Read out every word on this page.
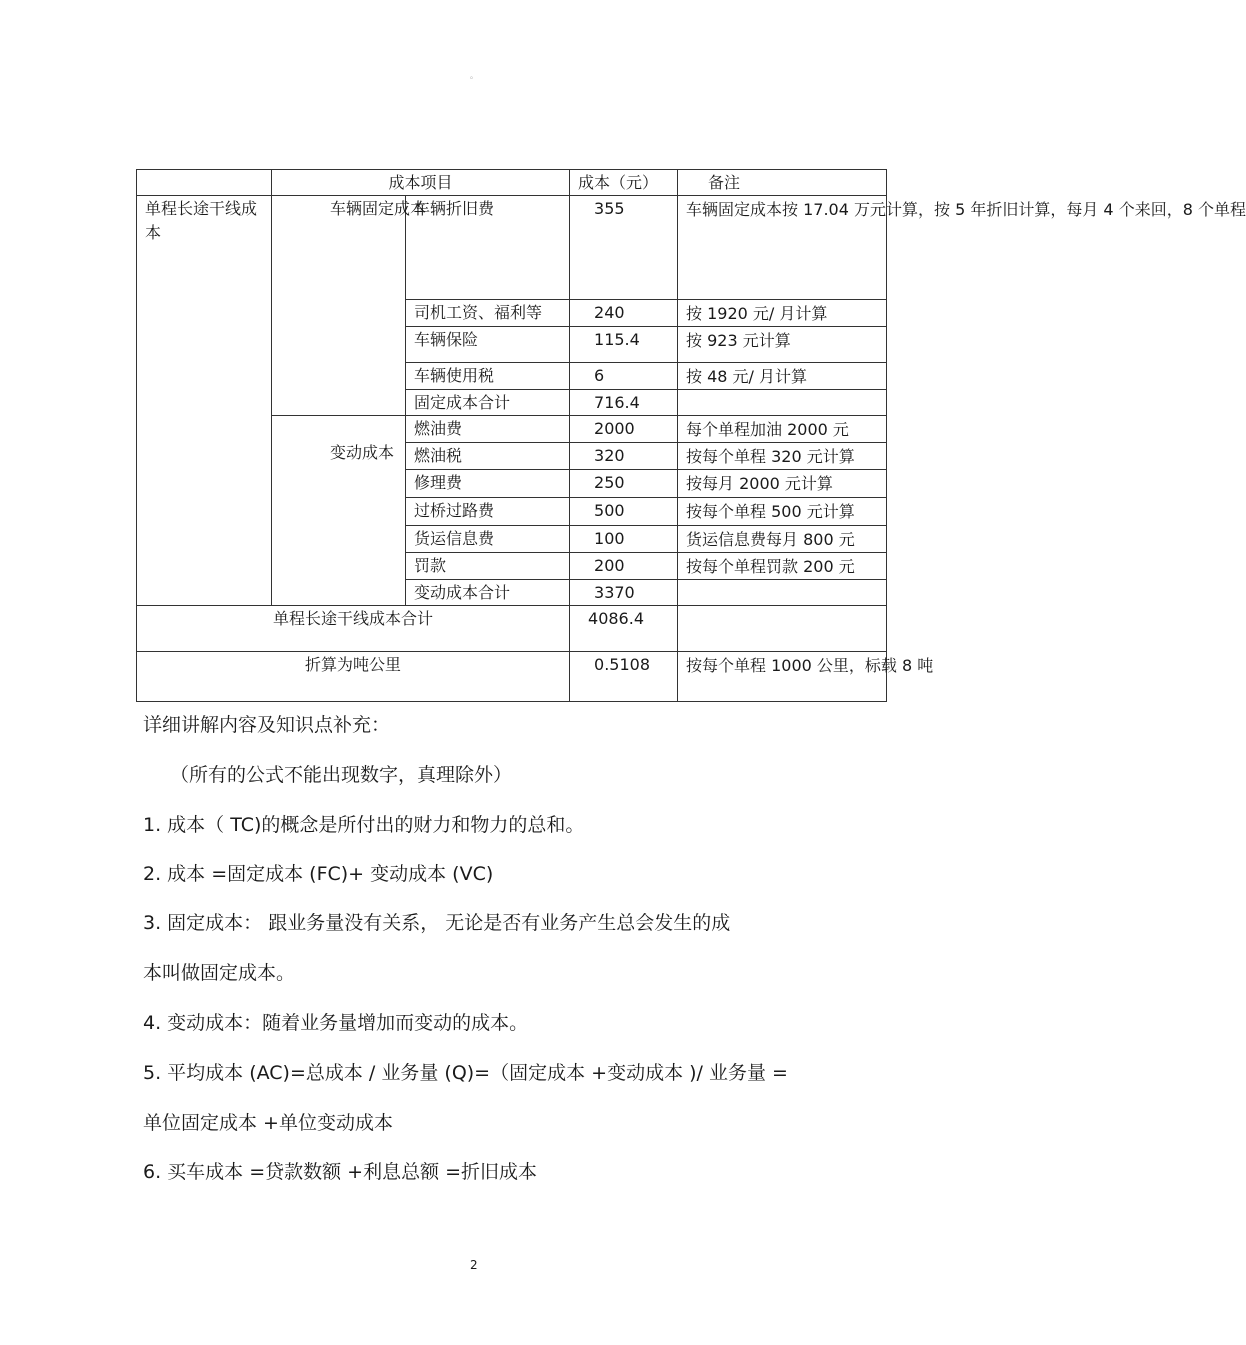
。
	成本项目		成本（元）	备注
单程长途干线成本	车辆固定成本	车辆折旧费	355	车辆固定成本按 17.04 万元计算，按 5 年折旧计算，每月 4 个来回，8 个单程
		司机工资、福利等	240	按 1920 元/ 月计算
		车辆保险	115.4	按 923 元计算
		车辆使用税	6	按 48 元/ 月计算
		固定成本合计	716.4	

	变动成本	燃油费	2000	每个单程加油 2000 元
		燃油税	320	按每个单程 320 元计算
		修理费	250	按每月 2000 元计算
		过桥过路费	500	按每个单程 500 元计算
		货运信息费	100	货运信息费每月 800 元
		罚款	200	按每个单程罚款 200 元
		变动成本合计	3370	
单程长途干线成本合计			4086.4	
折算为吨公里			0.5108	按每个单程 1000 公里，标载 8 吨
详细讲解内容及知识点补充：
（所有的公式不能出现数字，真理除外）
1. 成本（ TC)的概念是所付出的财力和物力的总和。
2. 成本 =固定成本 (FC)+ 变动成本 (VC)
3. 固定成本： 跟业务量没有关系， 无论是否有业务产生总会发生的成
本叫做固定成本。
4. 变动成本：随着业务量增加而变动的成本。
5. 平均成本 (AC)=总成本 / 业务量 (Q)=（固定成本 +变动成本 )/ 业务量 =
单位固定成本 +单位变动成本
6. 买车成本 =贷款数额 +利息总额 =折旧成本
2
